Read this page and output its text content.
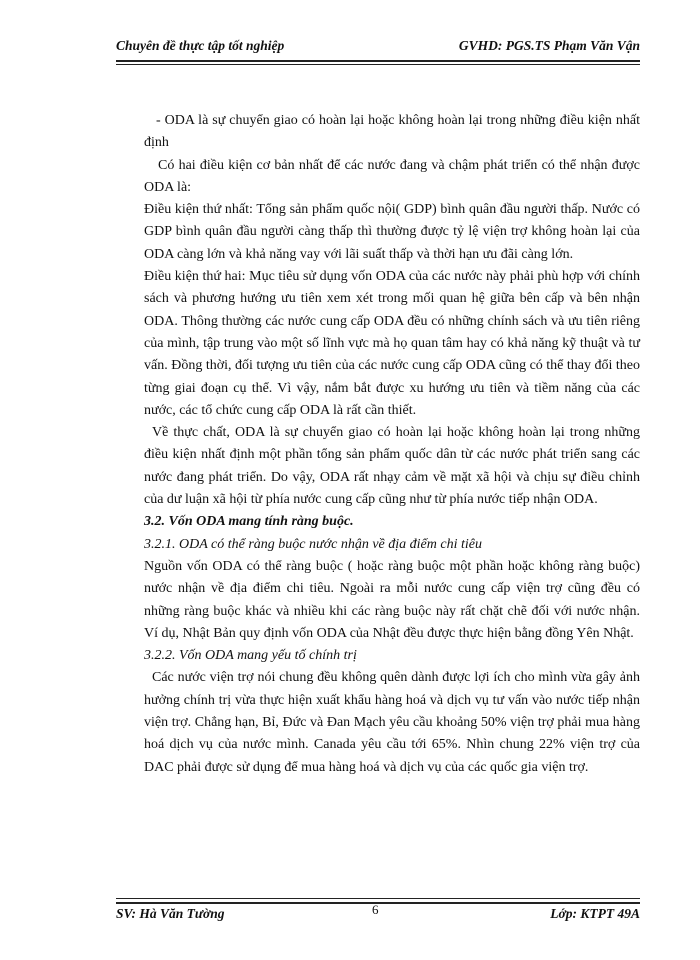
Chuyên đề thực tập tốt nghiệp	GVHD: PGS.TS Phạm Văn Vận

- ODA là sự chuyển giao có hoàn lại hoặc không hoàn lại trong những điều kiện nhất định

Có hai điều kiện cơ bản nhất để các nước đang và chậm phát triển có thể nhận được ODA là:

Điều kiện thứ nhất: Tổng sản phẩm quốc nội( GDP) bình quân đầu người thấp. Nước có GDP bình quân đầu người càng thấp thì thường được tỷ lệ viện trợ không hoàn lại của ODA càng lớn và khả năng vay với lãi suất thấp và thời hạn ưu đãi càng lớn.

Điều kiện thứ hai: Mục tiêu sử dụng vốn ODA của các nước này phải phù hợp với chính sách và phương hướng ưu tiên xem xét trong mối quan hệ giữa bên cấp và bên nhận ODA. Thông thường các nước cung cấp ODA đều có những chính sách và ưu tiên riêng của mình, tập trung vào một số lĩnh vực mà họ quan tâm hay có khả năng kỹ thuật và tư vấn. Đồng thời, đối tượng ưu tiên của các nước cung cấp ODA cũng có thể thay đổi theo từng giai đoạn cụ thể. Vì vậy, nắm bắt được xu hướng ưu tiên và tiềm năng của các nước, các tổ chức cung cấp ODA là rất cần thiết.

Về thực chất, ODA là sự chuyển giao có hoàn lại hoặc không hoàn lại trong những điều kiện nhất định một phần tổng sản phẩm quốc dân từ các nước phát triển sang các nước đang phát triển. Do vậy, ODA rất nhạy cảm về mặt xã hội và chịu sự điều chỉnh của dư luận xã hội từ phía nước cung cấp cũng như từ phía nước tiếp nhận ODA.

3.2. Vốn ODA mang tính ràng buộc.

3.2.1. ODA có thể ràng buộc nước nhận về địa điểm chi tiêu

Nguồn vốn ODA có thể ràng buộc ( hoặc ràng buộc một phần hoặc không ràng buộc) nước nhận về địa điểm chi tiêu. Ngoài ra mỗi nước cung cấp viện trợ cũng đều có những ràng buộc khác và nhiều khi các ràng buộc này rất chặt chẽ đối với nước nhận. Ví dụ, Nhật Bản quy định vốn ODA của Nhật đều được thực hiện bằng đồng Yên Nhật.

3.2.2. Vốn ODA mang yếu tố chính trị

Các nước viện trợ nói chung đều không quên dành được lợi ích cho mình vừa gây ảnh hưởng chính trị vừa thực hiện xuất khẩu hàng hoá và dịch vụ tư vấn vào nước tiếp nhận viện trợ. Chẳng hạn, Bỉ, Đức và Đan Mạch yêu cầu khoảng 50% viện trợ phải mua hàng hoá dịch vụ của nước mình. Canada yêu cầu tới 65%. Nhìn chung 22% viện trợ của DAC phải được sử dụng để mua hàng hoá và dịch vụ của các quốc gia viện trợ.

SV: Hà Văn Tường	6	Lớp: KTPT 49A
